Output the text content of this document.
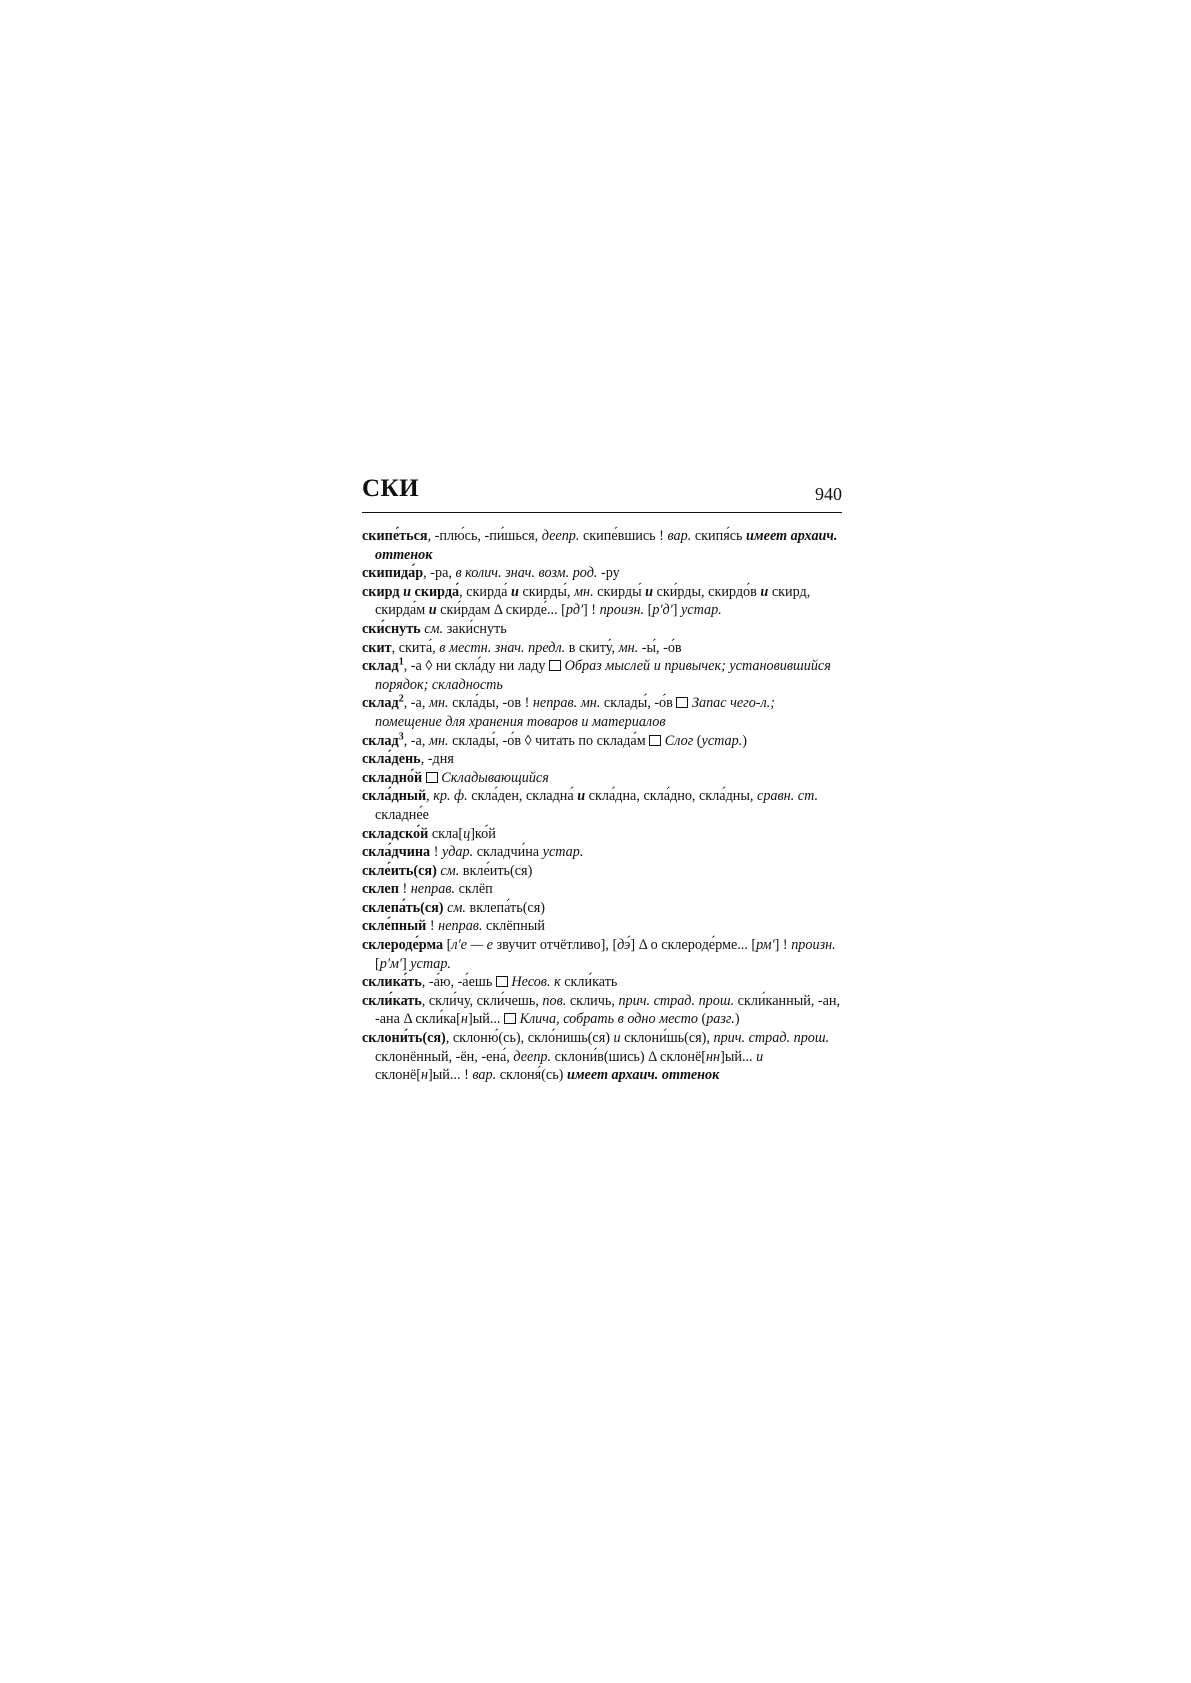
СКИ	940

скипе́ться, -плю́сь, -пи́шься, деепр. скипе́вшись ! вар. скипя́сь имеет архаич. оттенок

скипида́р, -ра, в колич. знач. возм. род. -ру

скирд и скирда́, скирда́ и скирды́, мн. скирды́ и ски́рды, скирдо́в и скирд, скирда́м и ски́рдам Δ скирде́... [рд'] ! произн. [р'д'] устар.

ски́снуть см. заки́снуть

скит, скита́, в местн. знач. предл. в скиту́, мн. -ы́, -о́в

склад$^1$, -а ◊ ни скла́ду ни ладу  Образ мыслей и привычек; установившийся порядок; складность

склад$^2$, -а, мн. скла́ды, -ов ! неправ. мн. склады́, -о́в  Запас чего-л.; помещение для хранения товаров и материалов

склад$^3$, -а, мн. склады́, -о́в ◊ читать по склада́м  Слог (устар.)

скла́день, -дня

складно́й Складывающийся

скла́дный, кр. ф. скла́ден, складна́ и скла́дна, скла́дно, скла́дны, сравн. ст. складне́е

складско́й скла[ц]ко́й

скла́дчина ! удар. складчи́на устар.

скле́ить(ся) см. вкле́ить(ся)

склеп ! неправ. склёп

склепа́ть(ся) см. вклепа́ть(ся)

скле́пный ! неправ. склёпный

склероде́рма [л'е — е звучит отчётливо], [дэ́] Δ о склероде́рме... [рм'] ! произн. [р'м'] устар.

склика́ть, -а́ю, -а́ешь  Несов. к скли́кать

скли́кать, скли́чу, скли́чешь, пов. скличь, прич. страд. прош. скли́канный, -ан, -ана Δ скли́ка[н]ый...  Клича, собрать в одно место (разг.)

склони́ть(ся), склоню́(сь), скло́нишь(ся) и склони́шь(ся), прич. страд. прош. склонённый, -ён, -ена́, деепр. склони́в(шись) Δ склонё[нн]ый... и склонё[н]ый... ! вар. склоня́(сь) имеет архаич. оттенок
